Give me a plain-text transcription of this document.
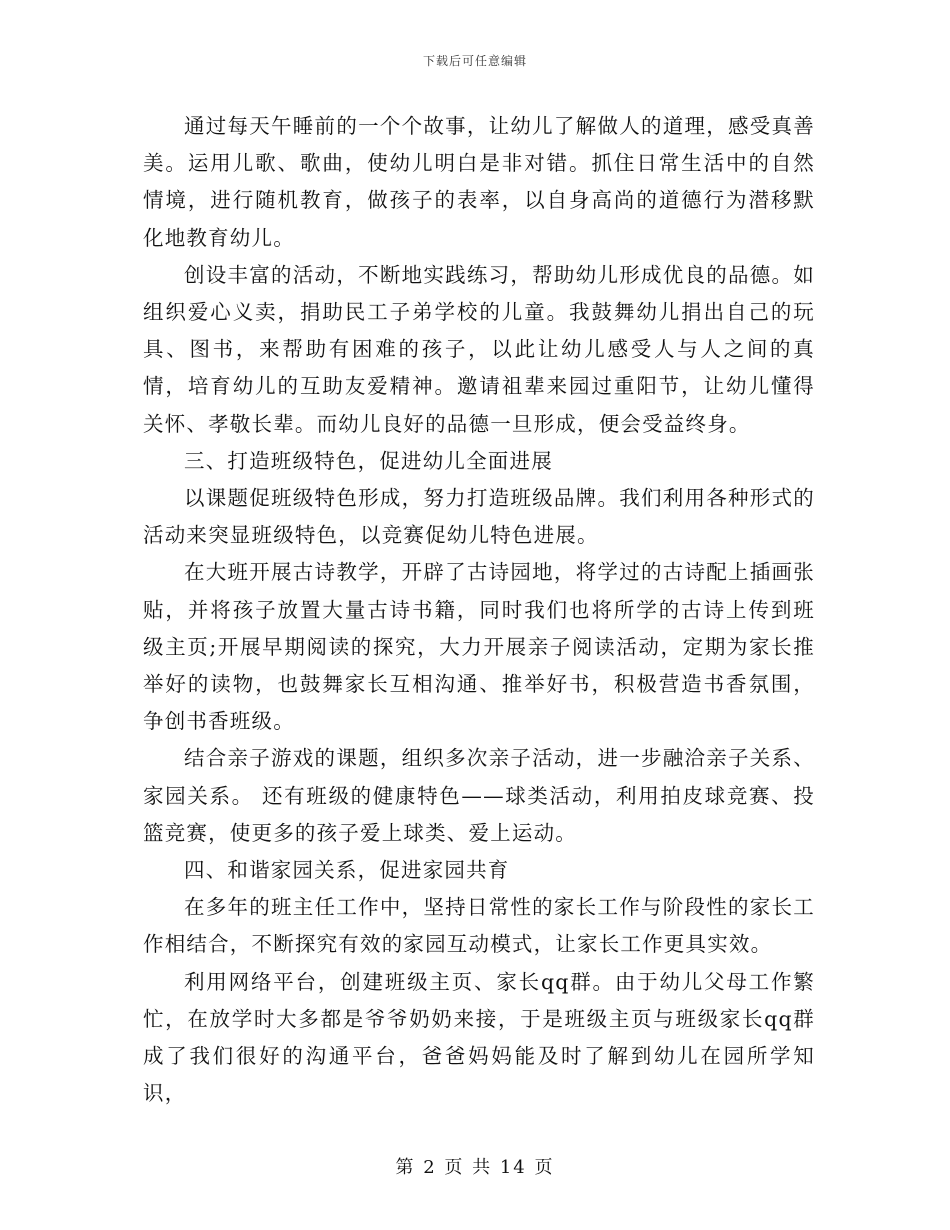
下载后可任意编辑

通过每天午睡前的一个个故事，让幼儿了解做人的道理，感受真善美。运用儿歌、歌曲，使幼儿明白是非对错。抓住日常生活中的自然情境，进行随机教育，做孩子的表率，以自身高尚的道德行为潜移默化地教育幼儿。

创设丰富的活动，不断地实践练习，帮助幼儿形成优良的品德。如组织爱心义卖，捐助民工子弟学校的儿童。我鼓舞幼儿捐出自己的玩具、图书，来帮助有困难的孩子，以此让幼儿感受人与人之间的真情，培育幼儿的互助友爱精神。邀请祖辈来园过重阳节，让幼儿懂得关怀、孝敬长辈。而幼儿良好的品德一旦形成，便会受益终身。

三、打造班级特色，促进幼儿全面进展

以课题促班级特色形成，努力打造班级品牌。我们利用各种形式的活动来突显班级特色，以竞赛促幼儿特色进展。

在大班开展古诗教学，开辟了古诗园地，将学过的古诗配上插画张贴，并将孩子放置大量古诗书籍，同时我们也将所学的古诗上传到班级主页;开展早期阅读的探究，大力开展亲子阅读活动，定期为家长推举好的读物，也鼓舞家长互相沟通、推举好书，积极营造书香氛围，争创书香班级。

结合亲子游戏的课题，组织多次亲子活动，进一步融洽亲子关系、家园关系。 还有班级的健康特色——球类活动，利用拍皮球竞赛、投篮竞赛，使更多的孩子爱上球类、爱上运动。

四、和谐家园关系，促进家园共育

在多年的班主任工作中，坚持日常性的家长工作与阶段性的家长工作相结合，不断探究有效的家园互动模式，让家长工作更具实效。

利用网络平台，创建班级主页、家长qq群。由于幼儿父母工作繁忙，在放学时大多都是爷爷奶奶来接，于是班级主页与班级家长qq群成了我们很好的沟通平台，爸爸妈妈能及时了解到幼儿在园所学知识，

第 2 页 共 14 页
